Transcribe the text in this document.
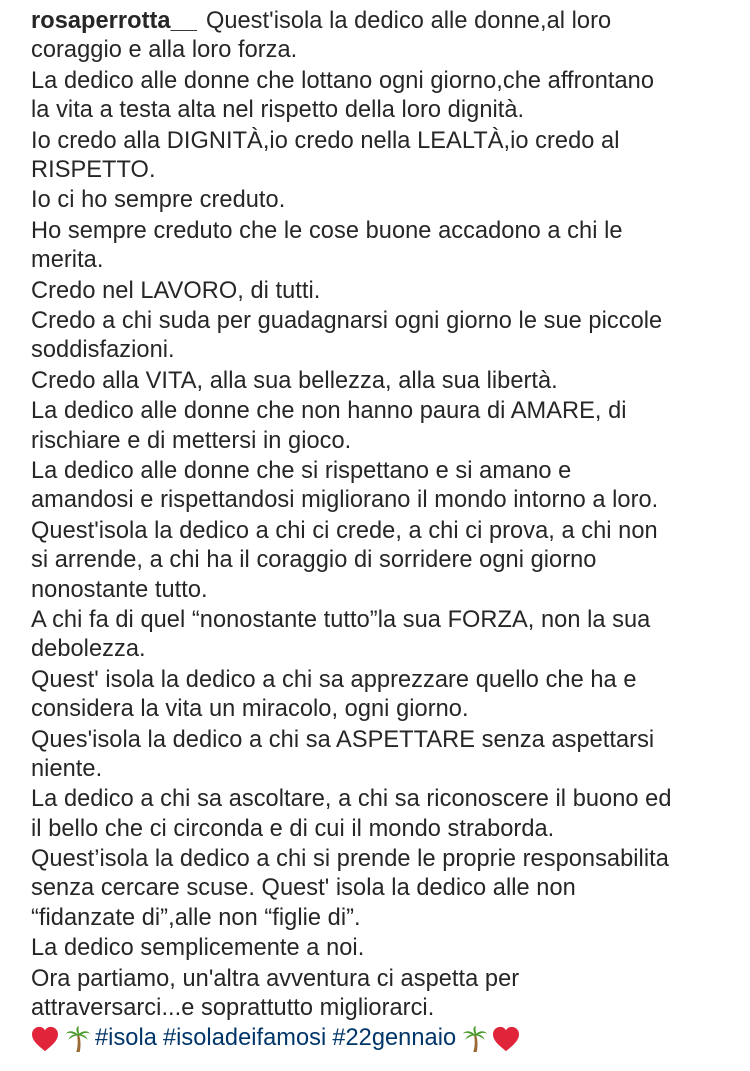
rosaperrotta__ Quest'isola la dedico alle donne,al loro
coraggio e alla loro forza.
La dedico alle donne che lottano ogni giorno,che affrontano
la vita a testa alta nel rispetto della loro dignità.
Io credo alla DIGNITÀ,io credo nella LEALTÀ,io credo al
RISPETTO.
Io ci ho sempre creduto.
Ho sempre creduto che le cose buone accadono a chi le
merita.
Credo nel LAVORO, di tutti.
Credo a chi suda per guadagnarsi ogni giorno le sue piccole
soddisfazioni.
Credo alla VITA, alla sua bellezza, alla sua libertà.
La dedico alle donne che non hanno paura di AMARE, di
rischiare e di mettersi in gioco.
La dedico alle donne che si rispettano e si amano e
amandosi e rispettandosi migliorano il mondo intorno a loro.
Quest'isola la dedico a chi ci crede, a chi ci prova, a chi non
si arrende, a chi ha il coraggio di sorridere ogni giorno
nonostante tutto.
A chi fa di quel “nonostante tutto”la sua FORZA, non la sua
debolezza.
Quest' isola la dedico a chi sa apprezzare quello che ha e
considera la vita un miracolo, ogni giorno.
Ques'isola la dedico a chi sa ASPETTARE senza aspettarsi
niente.
La dedico a chi sa ascoltare, a chi sa riconoscere il buono ed
il bello che ci circonda e di cui il mondo straborda.
Quest’isola la dedico a chi si prende le proprie responsabilita
senza cercare scuse. Quest' isola la dedico alle non
“fidanzate di”,alle non “figlie di”.
La dedico semplicemente a noi.
Ora partiamo, un'altra avventura ci aspetta per
attraversarci...e soprattutto migliorarci.
#isola #isoladeifamosi #22gennaio
